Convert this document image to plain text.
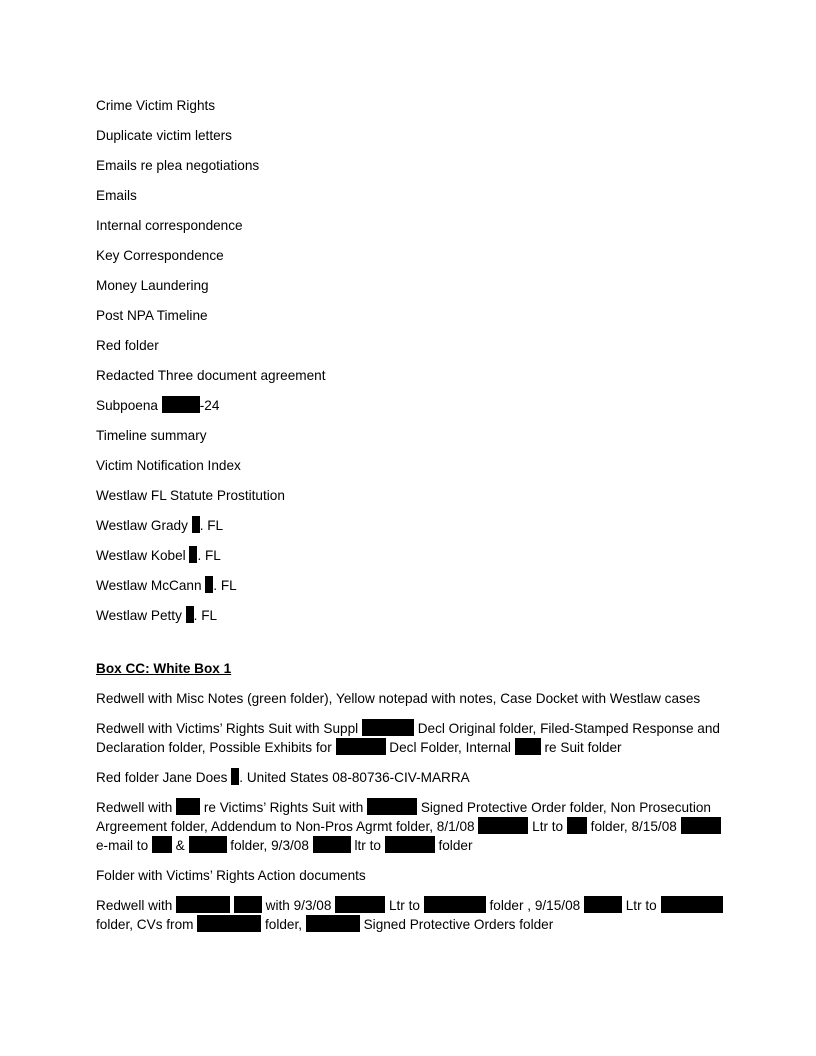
Crime Victim Rights
Duplicate victim letters
Emails re plea negotiations
Emails
Internal correspondence
Key Correspondence
Money Laundering
Post NPA Timeline
Red folder
Redacted Three document agreement
Subpoena	-24
Timeline summary
Victim Notification Index
Westlaw FL Statute Prostitution
Westlaw Grady . FL
Westlaw Kobel . FL
Westlaw McCann . FL
Westlaw Petty . FL
Box CC: White Box 1
Redwell with Misc Notes (green folder), Yellow notepad with notes, Case Docket with Westlaw cases
Redwell with Victims’ Rights Suit with Suppl	Decl Original folder, Filed-Stamped Response and Declaration folder, Possible Exhibits for	Decl Folder, Internal  re Suit folder
Red folder Jane Does . United States 08-80736-CIV-MARRA
Redwell with  re Victims’ Rights Suit with	Signed Protective Order folder, Non Prosecution Argreement folder, Addendum to Non-Pros Agrmt folder, 8/1/08	Ltr to  folder, 8/15/08	e-mail to  &	folder, 9/3/08	ltr to	folder
Folder with Victims’ Rights Action documents
Redwell with	with 9/3/08	Ltr to	folder , 9/15/08	Ltr to	folder, CVs from	folder,	Signed Protective Orders folder
